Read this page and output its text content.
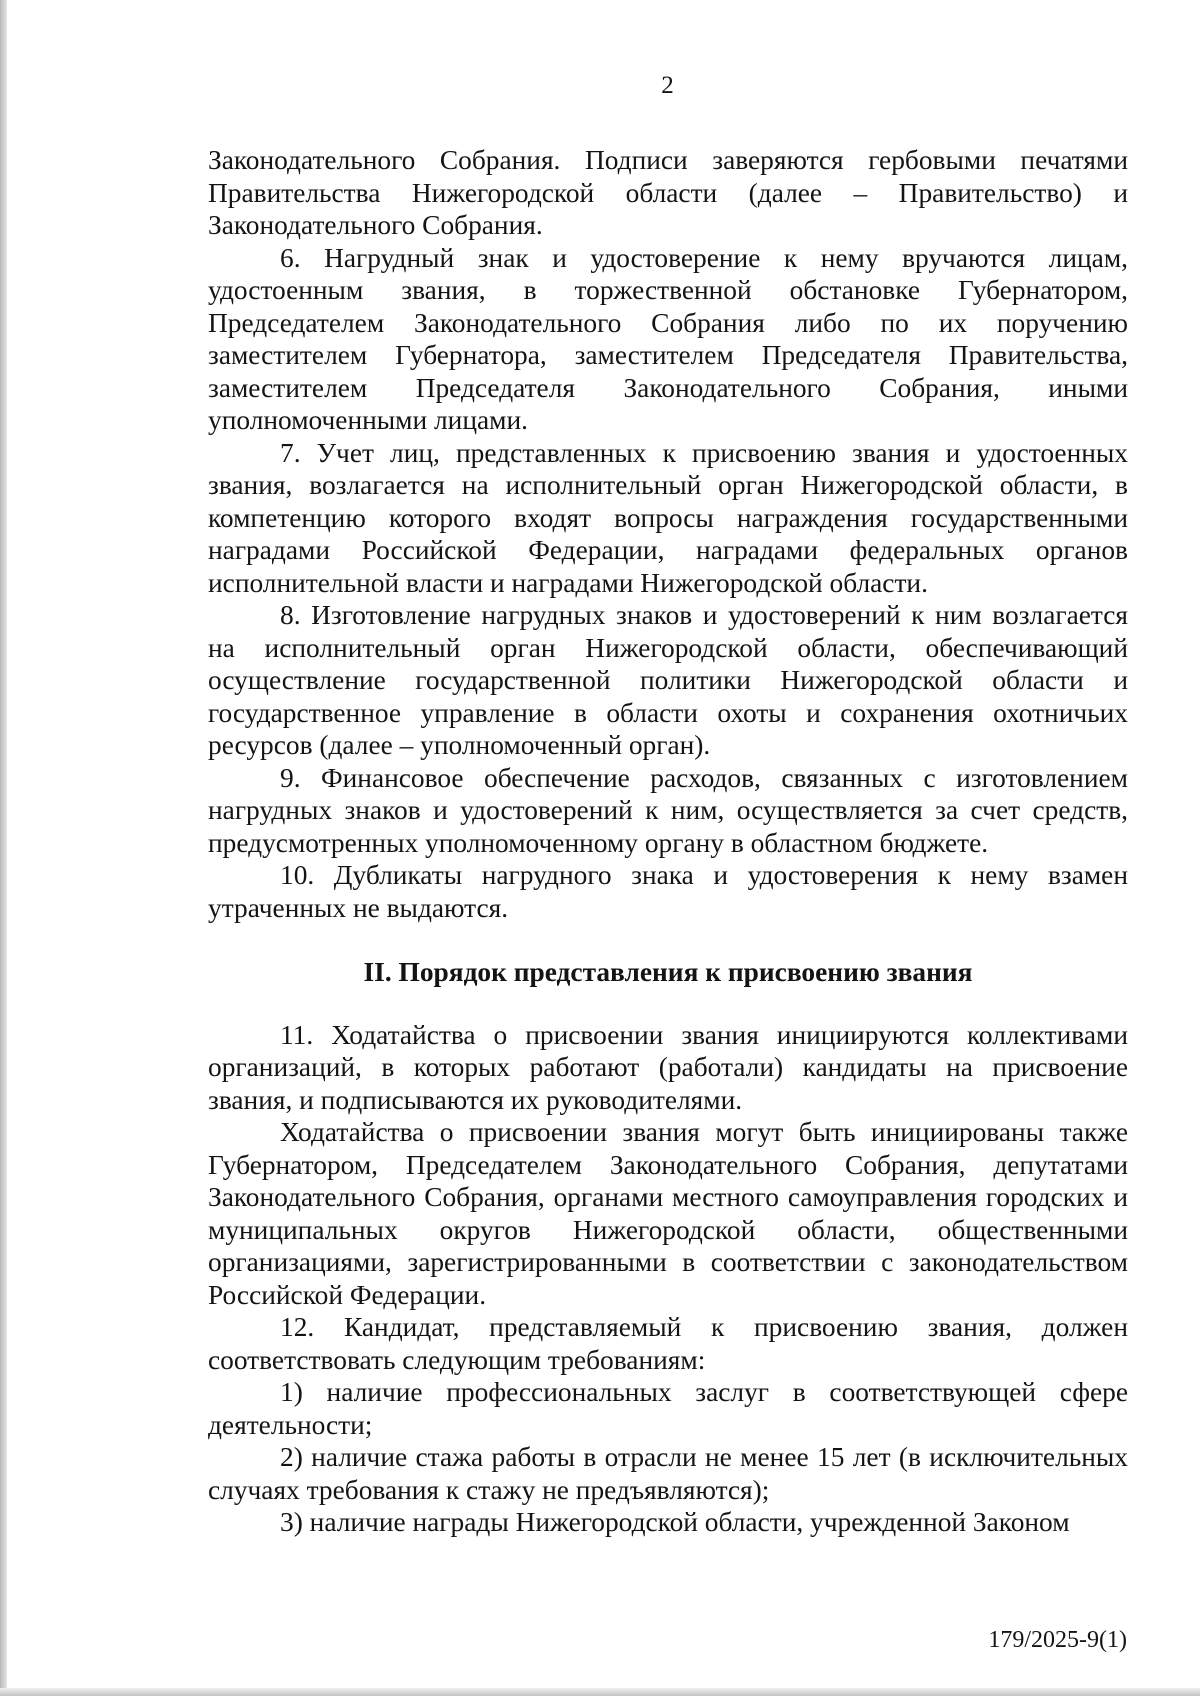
2

Законодательного Собрания. Подписи заверяются гербовыми печатями Правительства Нижегородской области (далее – Правительство) и Законодательного Собрания.

6. Нагрудный знак и удостоверение к нему вручаются лицам, удостоенным звания, в торжественной обстановке Губернатором, Председателем Законодательного Собрания либо по их поручению заместителем Губернатора, заместителем Председателя Правительства, заместителем Председателя Законодательного Собрания, иными уполномоченными лицами.

7. Учет лиц, представленных к присвоению звания и удостоенных звания, возлагается на исполнительный орган Нижегородской области, в компетенцию которого входят вопросы награждения государственными наградами Российской Федерации, наградами федеральных органов исполнительной власти и наградами Нижегородской области.

8. Изготовление нагрудных знаков и удостоверений к ним возлагается на исполнительный орган Нижегородской области, обеспечивающий осуществление государственной политики Нижегородской области и государственное управление в области охоты и сохранения охотничьих ресурсов (далее – уполномоченный орган).

9. Финансовое обеспечение расходов, связанных с изготовлением нагрудных знаков и удостоверений к ним, осуществляется за счет средств, предусмотренных уполномоченному органу в областном бюджете.

10. Дубликаты нагрудного знака и удостоверения к нему взамен утраченных не выдаются.

II. Порядок представления к присвоению звания

11. Ходатайства о присвоении звания инициируются коллективами организаций, в которых работают (работали) кандидаты на присвоение звания, и подписываются их руководителями.

Ходатайства о присвоении звания могут быть инициированы также Губернатором, Председателем Законодательного Собрания, депутатами Законодательного Собрания, органами местного самоуправления городских и муниципальных округов Нижегородской области, общественными организациями, зарегистрированными в соответствии с законодательством Российской Федерации.

12. Кандидат, представляемый к присвоению звания, должен соответствовать следующим требованиям:

1) наличие профессиональных заслуг в соответствующей сфере деятельности;

2) наличие стажа работы в отрасли не менее 15 лет (в исключительных случаях требования к стажу не предъявляются);

3) наличие награды Нижегородской области, учрежденной Законом

179/2025-9(1)
